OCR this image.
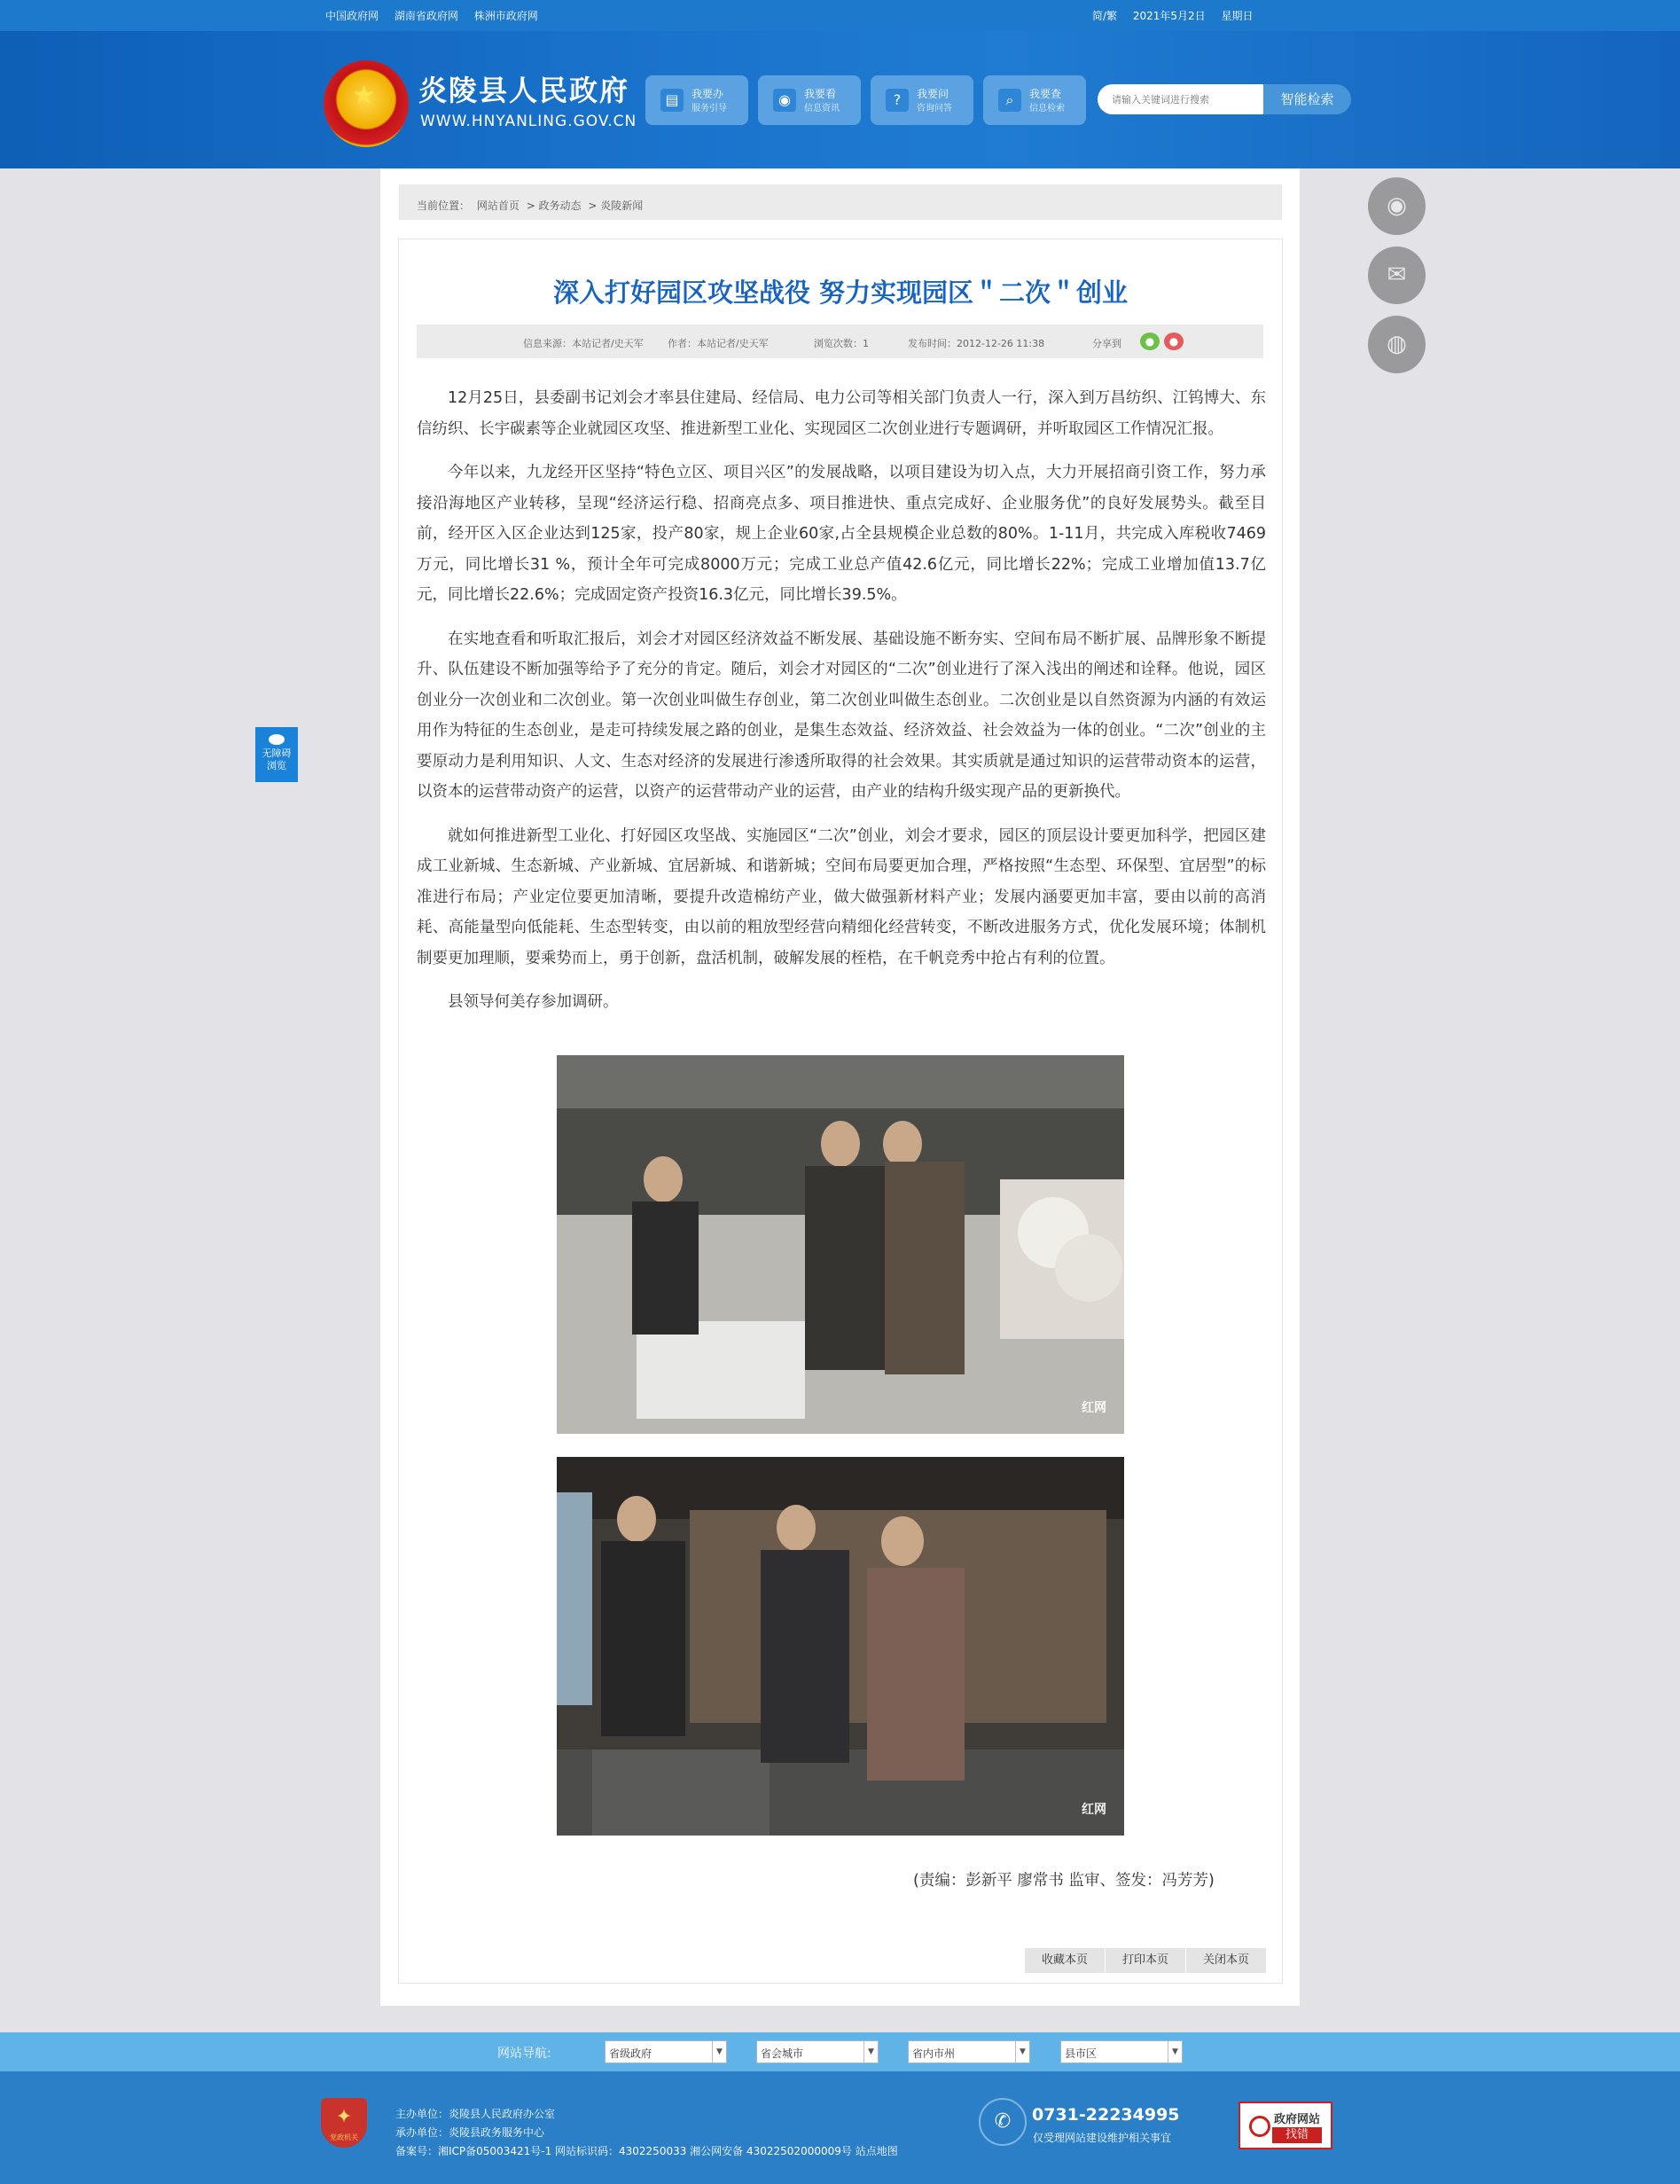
中国政府网 湖南省政府网 株洲市政府网	简/繁 2021年5月2日 星期日
★ 炎陵县人民政府
WWW.HNYANLING.GOV.CN
▤	我要办
服务引导
◉	我要看
信息资讯
?	我要问
咨询问答
⌕	我要查
信息检索
请输入关键词进行搜索
智能检索
当前位置： 网站首页 > 政务动态 > 炎陵新闻
深入打好园区攻坚战役 努力实现园区＂二次＂创业
信息来源：本站记者/史天军 作者：本站记者/史天军	浏览次数：1	发布时间：2012-12-26 11:38	分享到	●	●

12月25日，县委副书记刘会才率县住建局、经信局、电力公司等相关部门负责人一行，深入到万昌纺织、江钨博大、东信纺织、长宇碳素等企业就园区攻坚、推进新型工业化、实现园区二次创业进行专题调研，并听取园区工作情况汇报。

今年以来，九龙经开区坚持“特色立区、项目兴区”的发展战略，以项目建设为切入点，大力开展招商引资工作，努力承接沿海地区产业转移，呈现“经济运行稳、招商亮点多、项目推进快、重点完成好、企业服务优”的良好发展势头。截至目前，经开区入区企业达到125家，投产80家，规上企业60家,占全县规模企业总数的80%。1-11月，共完成入库税收7469万元，同比增长31 %，预计全年可完成8000万元；完成工业总产值42.6亿元，同比增长22%；完成工业增加值13.7亿元，同比增长22.6%；完成固定资产投资16.3亿元，同比增长39.5%。

在实地查看和听取汇报后，刘会才对园区经济效益不断发展、基础设施不断夯实、空间布局不断扩展、品牌形象不断提升、队伍建设不断加强等给予了充分的肯定。随后，刘会才对园区的“二次”创业进行了深入浅出的阐述和诠释。他说，园区创业分一次创业和二次创业。第一次创业叫做生存创业，第二次创业叫做生态创业。二次创业是以自然资源为内涵的有效运用作为特征的生态创业，是走可持续发展之路的创业，是集生态效益、经济效益、社会效益为一体的创业。“二次”创业的主要原动力是利用知识、人文、生态对经济的发展进行渗透所取得的社会效果。其实质就是通过知识的运营带动资本的运营，以资本的运营带动资产的运营，以资产的运营带动产业的运营，由产业的结构升级实现产品的更新换代。

就如何推进新型工业化、打好园区攻坚战、实施园区“二次”创业，刘会才要求，园区的顶层设计要更加科学，把园区建成工业新城、生态新城、产业新城、宜居新城、和谐新城；空间布局要更加合理，严格按照“生态型、环保型、宜居型”的标准进行布局；产业定位要更加清晰，要提升改造棉纺产业，做大做强新材料产业；发展内涵要更加丰富，要由以前的高消耗、高能量型向低能耗、生态型转变，由以前的粗放型经营向精细化经营转变，不断改进服务方式，优化发展环境；体制机制要更加理顺，要乘势而上，勇于创新，盘活机制，破解发展的桎梏，在千帆竞秀中抢占有利的位置。

县领导何美存参加调研。

红网
红网
(责编：彭新平 廖常书 监审、签发：冯芳芳)
收藏本页	打印本页	关闭本页
◉
✉
◍
无障碍
浏览
网站导航:	省级政府	▼	省会城市	▼	省内市州	▼	县市区	▼
党政机关
✦	主办单位：炎陵县人民政府办公室
承办单位：炎陵县政务服务中心
备案号：湘ICP备05003421号-1 网站标识码：4302250033 湘公网安备 43022502000009号 站点地图
✆	0731-22234995
仅受理网站建设维护相关事宜
政府网站
找错
